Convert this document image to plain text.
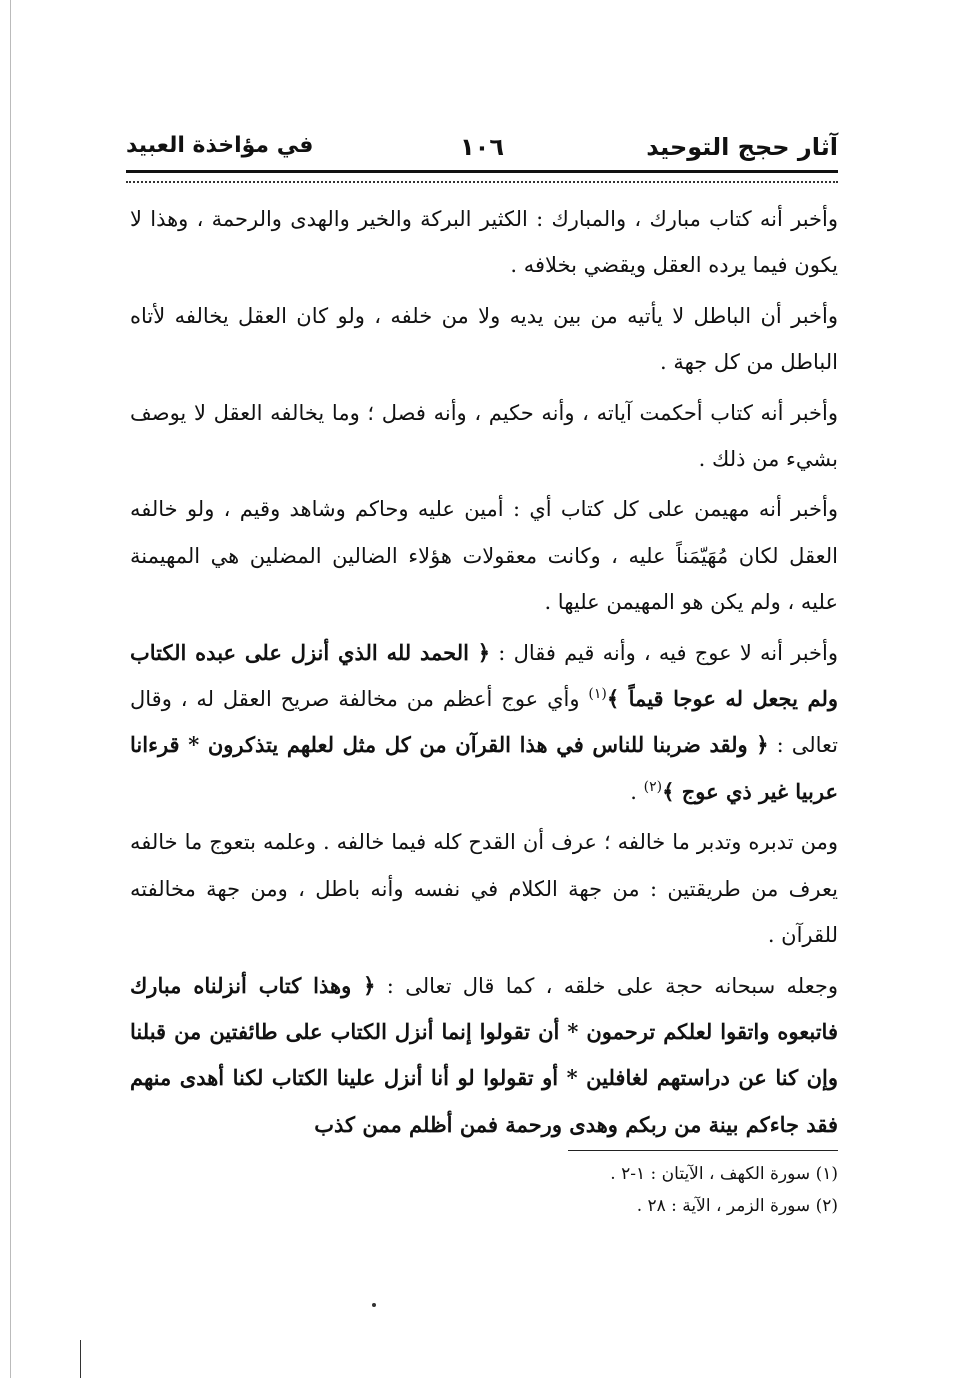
آثار حجج التوحيد
١٠٦
في مؤاخذة العبيد

وأخبر أنه كتاب مبارك ، والمبارك : الكثير البركة والخير والهدى والرحمة ، وهذا لا يكون فيما يرده العقل ويقضي بخلافه .

وأخبر أن الباطل لا يأتيه من بين يديه ولا من خلفه ، ولو كان العقل يخالفه لأتاه الباطل من كل جهة .

وأخبر أنه كتاب أحكمت آياته ، وأنه حكيم ، وأنه فصل ؛ وما يخالفه العقل لا يوصف بشيء من ذلك .

وأخبر أنه مهيمن على كل كتاب أي : أمين عليه وحاكم وشاهد وقيم ، ولو خالفه العقل لكان مُهَيّمَناً عليه ، وكانت معقولات هؤلاء الضالين المضلين هي المهيمنة عليه ، ولم يكن هو المهيمن عليها .

وأخبر أنه لا عوج فيه ، وأنه قيم فقال : ﴿ الحمد لله الذي أنزل على عبده الكتاب ولم يجعل له عوجا قيماً ﴾$^{(١)}$ وأي عوج أعظم من مخالفة صريح العقل له ، وقال تعالى : ﴿ ولقد ضربنا للناس في هذا القرآن من كل مثل لعلهم يتذكرون * قرءانا عربيا غير ذي عوج ﴾$^{(٢)}$ .

ومن تدبره وتدبر ما خالفه ؛ عرف أن القدح كله فيما خالفه . وعلمه بتعوج ما خالفه يعرف من طريقتين : من جهة الكلام في نفسه وأنه باطل ، ومن جهة مخالفته للقرآن .

وجعله سبحانه حجة على خلقه ، كما قال تعالى : ﴿ وهذا كتاب أنزلناه مبارك فاتبعوه واتقوا لعلكم ترحمون * أن تقولوا إنما أنزل الكتاب على طائفتين من قبلنا وإن كنا عن دراستهم لغافلين * أو تقولوا لو أنا أنزل علينا الكتاب لكنا أهدى منهم فقد جاءكم بينة من ربكم وهدى ورحمة فمن أظلم ممن كذب

(١) سورة الكهف ، الآيتان : ١-٢ .
(٢) سورة الزمر ، الآية : ٢٨ .
